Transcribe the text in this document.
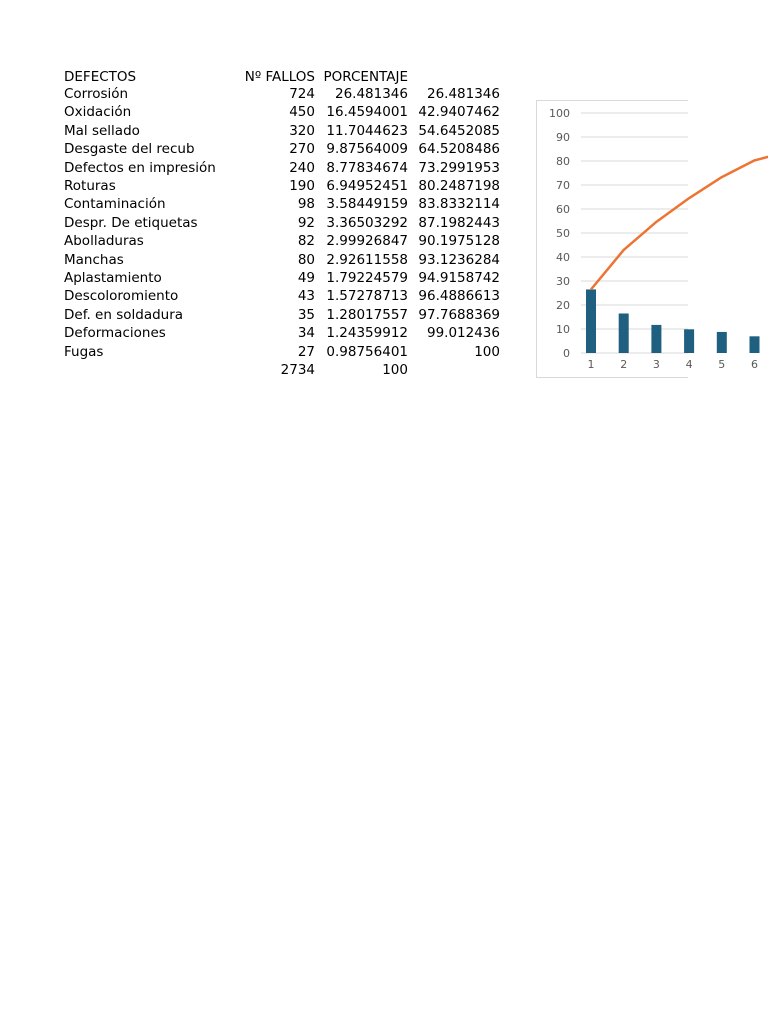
DEFECTOS	Nº FALLOS	PORCENTAJE	
Corrosión	724	26.481346	26.481346
Oxidación	450	16.4594001	42.9407462
Mal sellado	320	11.7044623	54.6452085
Desgaste del recub	270	9.87564009	64.5208486
Defectos en impresión	240	8.77834674	73.2991953
Roturas	190	6.94952451	80.2487198
Contaminación	98	3.58449159	83.8332114
Despr. De etiquetas	92	3.36503292	87.1982443
Abolladuras	82	2.99926847	90.1975128
Manchas	80	2.92611558	93.1236284
Aplastamiento	49	1.79224579	94.9158742
Descoloromiento	43	1.57278713	96.4886613
Def. en soldadura	35	1.28017557	97.7688369
Deformaciones	34	1.24359912	99.012436
Fugas	27	0.98756401	100
	2734	100	
0
10
20
30
40
50
60
70
80
90
100
1 2 3 4 5 6
